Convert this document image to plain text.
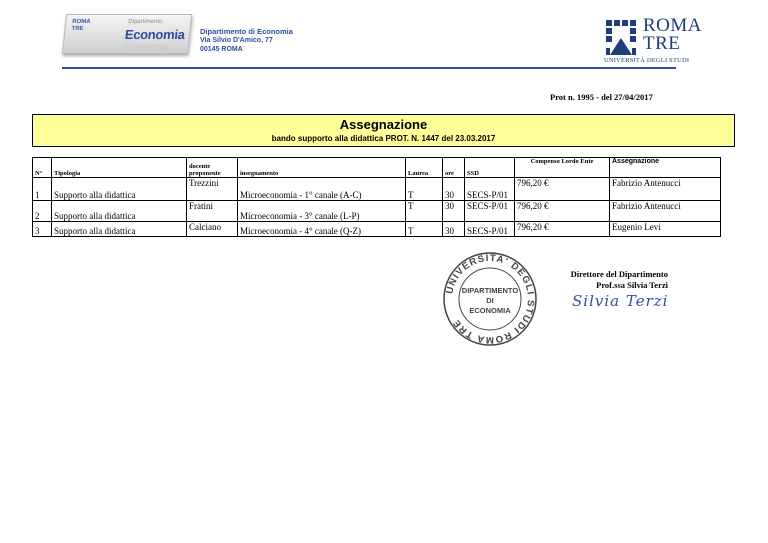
ROMA
TRE
Dipartimento
Economia
Economia
Dipartimento di Economia
Via Silvio D'Amico, 77
00145 ROMA
ROMA
TRE
UNIVERSITÀ DEGLI STUDI
Prot n. 1995 - del 27/04/2017
Assegnazione
bando supporto alla didattica PROT. N. 1447 del 23.03.2017
N°	Tipologia	docente proponente	insegnamento	Laurea	ore	SSD	Compenso Lordo Ente	Assegnazione
1	Supporto alla didattica	Trezzini	Microeconomia - 1° canale (A-C)	T	30	SECS-P/01	796,20 €	Fabrizio Antenucci
2	Supporto alla didattica	Fratini	Microeconomia - 3° canale (L-P)	T	30	SECS-P/01	796,20 €	Fabrizio Antenucci
3	Supporto alla didattica	Calciano	Microeconomia - 4° canale (Q-Z)	T	30	SECS-P/01	796,20 €	Eugenio Levi
UNIVERSITA' DEGLI STUDI ROMA TRE
DIPARTIMENTO
DI
ECONOMIA
Direttore del Dipartimento
Prof.ssa Silvia Terzi
Silvia Terzi
